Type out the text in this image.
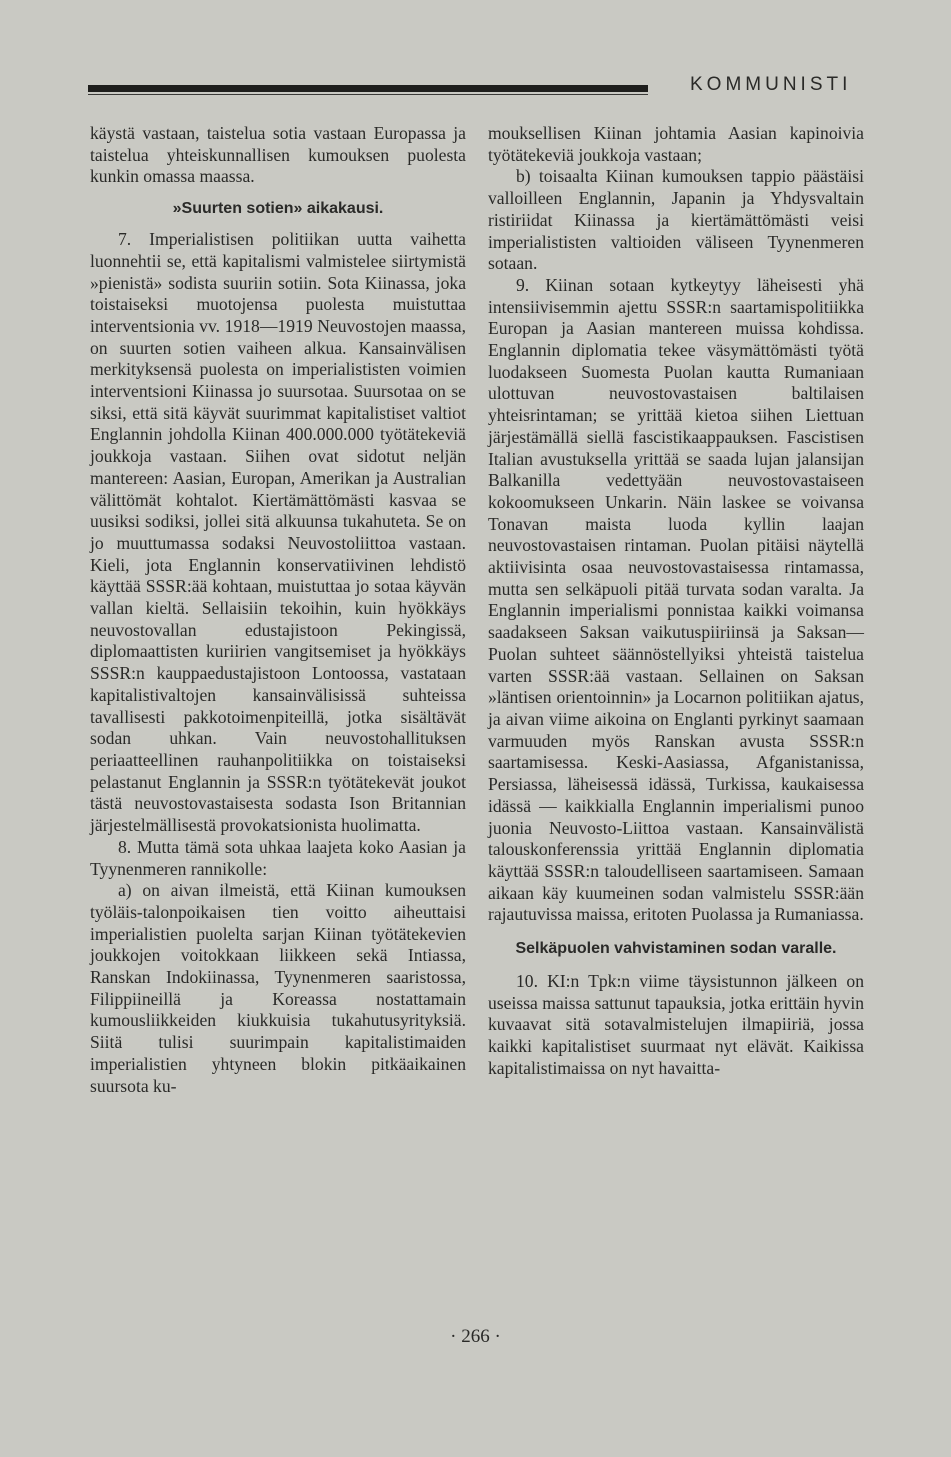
KOMMUNISTI

käystä vastaan, taistelua sotia vastaan Europassa ja taistelua yhteiskunnallisen kumouksen puolesta kunkin omassa maassa.

»Suurten sotien» aikakausi.

7. Imperialistisen politiikan uutta vaihetta luonnehtii se, että kapitalismi valmistelee siirtymistä »pienistä» sodista suuriin sotiin. Sota Kiinassa, joka toistaiseksi muotojensa puolesta muistuttaa interventsionia vv. 1918—1919 Neuvostojen maassa, on suurten sotien vaiheen alkua. Kansainvälisen merkityksensä puolesta on imperialististen voimien interventsioni Kiinassa jo suursotaa. Suursotaa on se siksi, että sitä käyvät suurimmat kapitalistiset valtiot Englannin johdolla Kiinan 400.000.000 työtätekeviä joukkoja vastaan. Siihen ovat sidotut neljän mantereen: Aasian, Europan, Amerikan ja Australian välittömät kohtalot. Kiertämättömästi kasvaa se uusiksi sodiksi, jollei sitä alkuunsa tukahuteta. Se on jo muuttumassa sodaksi Neuvostoliittoa vastaan. Kieli, jota Englannin konservatiivinen lehdistö käyttää SSSR:ää kohtaan, muistuttaa jo sotaa käyvän vallan kieltä. Sellaisiin tekoihin, kuin hyökkäys neuvostovallan edustajistoon Pekingissä, diplomaattisten kuriirien vangitsemiset ja hyökkäys SSSR:n kauppaedustajistoon Lontoossa, vastataan kapitalistivaltojen kansainvälisissä suhteissa tavallisesti pakkotoimenpiteillä, jotka sisältävät sodan uhkan. Vain neuvostohallituksen periaatteellinen rauhanpolitiikka on toistaiseksi pelastanut Englannin ja SSSR:n työtätekevät joukot tästä neuvostovastaisesta sodasta Ison Britannian järjestelmällisestä provokatsionista huolimatta.

8. Mutta tämä sota uhkaa laajeta koko Aasian ja Tyynenmeren rannikolle:

a) on aivan ilmeistä, että Kiinan kumouksen työläis-talonpoikaisen tien voitto aiheuttaisi imperialistien puolelta sarjan Kiinan työtätekevien joukkojen voitokkaan liikkeen sekä Intiassa, Ranskan Indokiinassa, Tyynenmeren saaristossa, Filippiineillä ja Koreassa nostattamain kumousliikkeiden kiukkuisia tukahutusyrityksiä. Siitä tulisi suurimpain kapitalistimaiden imperialistien yhtyneen blokin pitkäaikainen suursota ku-

mouksellisen Kiinan johtamia Aasian kapinoivia työtätekeviä joukkoja vastaan;

b) toisaalta Kiinan kumouksen tappio päästäisi valloilleen Englannin, Japanin ja Yhdysvaltain ristiriidat Kiinassa ja kiertämättömästi veisi imperialististen valtioiden väliseen Tyynenmeren sotaan.

9. Kiinan sotaan kytkeytyy läheisesti yhä intensiivisemmin ajettu SSSR:n saartamispolitiikka Europan ja Aasian mantereen muissa kohdissa. Englannin diplomatia tekee väsymättömästi työtä luodakseen Suomesta Puolan kautta Rumaniaan ulottuvan neuvostovastaisen baltilaisen yhteisrintaman; se yrittää kietoa siihen Liettuan järjestämällä siellä fascistikaappauksen. Fascistisen Italian avustuksella yrittää se saada lujan jalansijan Balkanilla vedettyään neuvostovastaiseen kokoomukseen Unkarin. Näin laskee se voivansa Tonavan maista luoda kyllin laajan neuvostovastaisen rintaman. Puolan pitäisi näytellä aktiivisinta osaa neuvostovastaisessa rintamassa, mutta sen selkäpuoli pitää turvata sodan varalta. Ja Englannin imperialismi ponnistaa kaikki voimansa saadakseen Saksan vaikutuspiiriinsä ja Saksan—Puolan suhteet säännöstellyiksi yhteistä taistelua varten SSSR:ää vastaan. Sellainen on Saksan »läntisen orientoinnin» ja Locarnon politiikan ajatus, ja aivan viime aikoina on Englanti pyrkinyt saamaan varmuuden myös Ranskan avusta SSSR:n saartamisessa. Keski-Aasiassa, Afganistanissa, Persiassa, läheisessä idässä, Turkissa, kaukaisessa idässä — kaikkialla Englannin imperialismi punoo juonia Neuvosto-Liittoa vastaan. Kansainvälistä talouskonferenssia yrittää Englannin diplomatia käyttää SSSR:n taloudelliseen saartamiseen. Samaan aikaan käy kuumeinen sodan valmistelu SSSR:ään rajautuvissa maissa, eritoten Puolassa ja Rumaniassa.

Selkäpuolen vahvistaminen sodan varalle.

10. KI:n Tpk:n viime täysistunnon jälkeen on useissa maissa sattunut tapauksia, jotka erittäin hyvin kuvaavat sitä sotavalmistelujen ilmapiiriä, jossa kaikki kapitalistiset suurmaat nyt elävät. Kaikissa kapitalistimaissa on nyt havaitta-

· 266 ·
